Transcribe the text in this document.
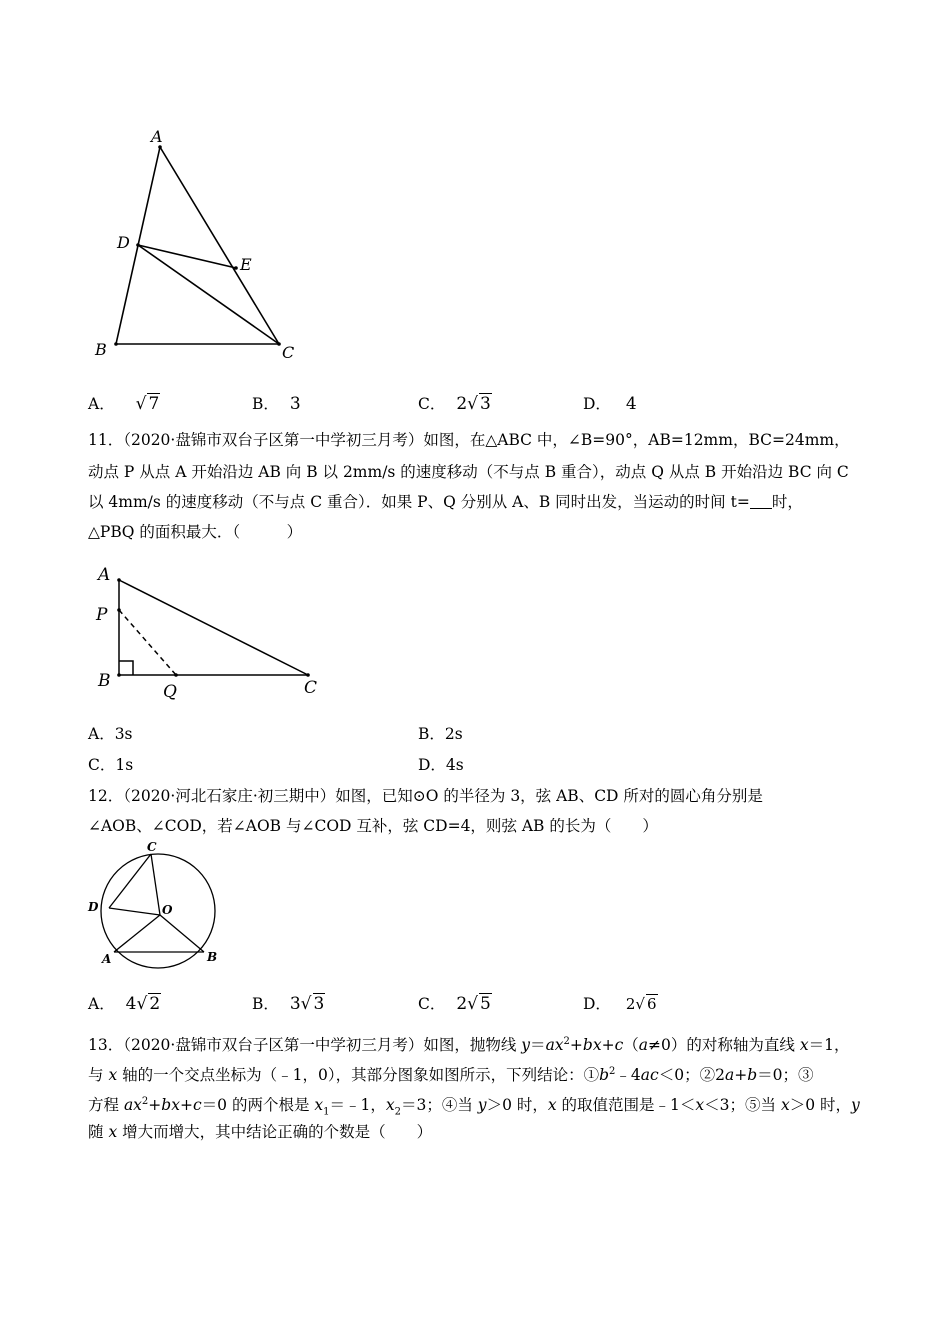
A
D
E
B	C
A． √ 7	B． 3	C． 2√ 3	D． 4
11．（2020·盘锦市双台子区第一中学初三月考）如图，在△ABC 中，∠B=90°，AB=12mm，BC=24mm，
动点 P 从点 A 开始沿边 AB 向 B 以 2mm/s 的速度移动（不与点 B 重合），动点 Q 从点 B 开始沿边 BC 向 C
以 4mm/s 的速度移动（不与点 C 重合）．如果 P、Q 分别从 A、B 同时出发，当运动的时间 t= 时，
△PBQ 的面积最大．（　　　）
A
P
B
Q	C
A．3s	B．2s
C．1s	D．4s
12．（2020·河北石家庄·初三期中）如图，已知⊙O 的半径为 3，弦 AB、CD 所对的圆心角分别是
∠AOB、∠COD，若∠AOB 与∠COD 互补，弦 CD=4，则弦 AB 的长为（　　）
C
D	O
A	B
A． 4√ 2	B． 3√ 3	C． 2√ 5	D． 2√ 6
13．（2020·盘锦市双台子区第一中学初三月考）如图，抛物线 $y=ax^2+bx+c(a\ne 0)$的对称轴为直线 x＝1，
与 x 轴的一个交点坐标为（﹣1，0），其部分图象如图所示，下列结论：$①b^2﹣4ac<0$；②2a+b＝0；③
方程 $ax^2+bx+c=0$ 的两个根是 $x_1=﹣1$，$x_2=3$；④当 y＞0 时，x 的取值范围是﹣1＜x＜3；⑤当 x＞0 时，y
随 x 增大而增大，其中结论正确的个数是（　　）
